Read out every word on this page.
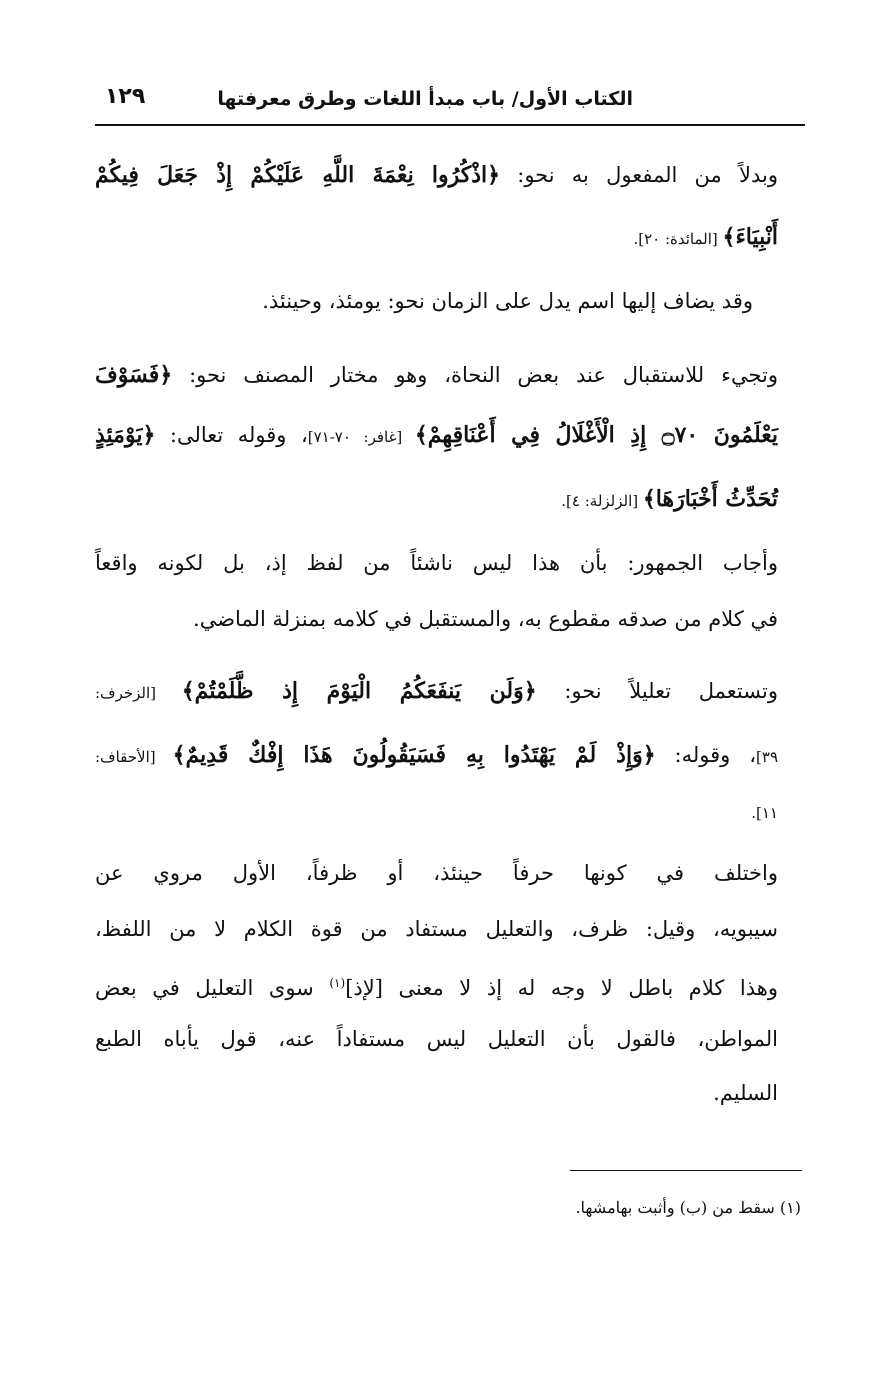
الكتاب الأول/ باب مبدأ اللغات وطرق معرفتها
١٢٩
وبدلاً من المفعول به نحو: ﴿اذْكُرُوا نِعْمَةَ اللَّهِ عَلَيْكُمْ إِذْ جَعَلَ فِيكُمْ
أَنْبِيَاءَ﴾ [المائدة: ٢٠].
وقد يضاف إليها اسم يدل على الزمان نحو: يومئذ، وحينئذ.
وتجيء للاستقبال عند بعض النحاة، وهو مختار المصنف نحو: ﴿فَسَوْفَ
يَعْلَمُونَ ۝٧٠ إِذِ الْأَغْلَالُ فِي أَعْنَاقِهِمْ﴾ [غافر: ٧٠-٧١]، وقوله تعالى: ﴿يَوْمَئِذٍ
تُحَدِّثُ أَخْبَارَهَا﴾ [الزلزلة: ٤].
وأجاب الجمهور: بأن هذا ليس ناشئاً من لفظ إذ، بل لكونه واقعاً
في كلام من صدقه مقطوع به، والمستقبل في كلامه بمنزلة الماضي.
وتستعمل تعليلاً نحو: ﴿وَلَن يَنفَعَكُمُ الْيَوْمَ إِذ ظَّلَمْتُمْ﴾ [الزخرف:
٣٩]، وقوله: ﴿وَإِذْ لَمْ يَهْتَدُوا بِهِ فَسَيَقُولُونَ هَذَا إِفْكٌ قَدِيمٌ﴾ [الأحقاف:
١١].
واختلف في كونها حرفاً حينئذ، أو ظرفاً، الأول مروي عن
سيبويه، وقيل: ظرف، والتعليل مستفاد من قوة الكلام لا من اللفظ،
وهذا كلام باطل لا وجه له إذ لا معنى [لإذ]$^{(١)}$ سوى التعليل في بعض
المواطن، فالقول بأن التعليل ليس مستفاداً عنه، قول يأباه الطبع
السليم.
(١) سقط من (ب) وأثبت بهامشها.
